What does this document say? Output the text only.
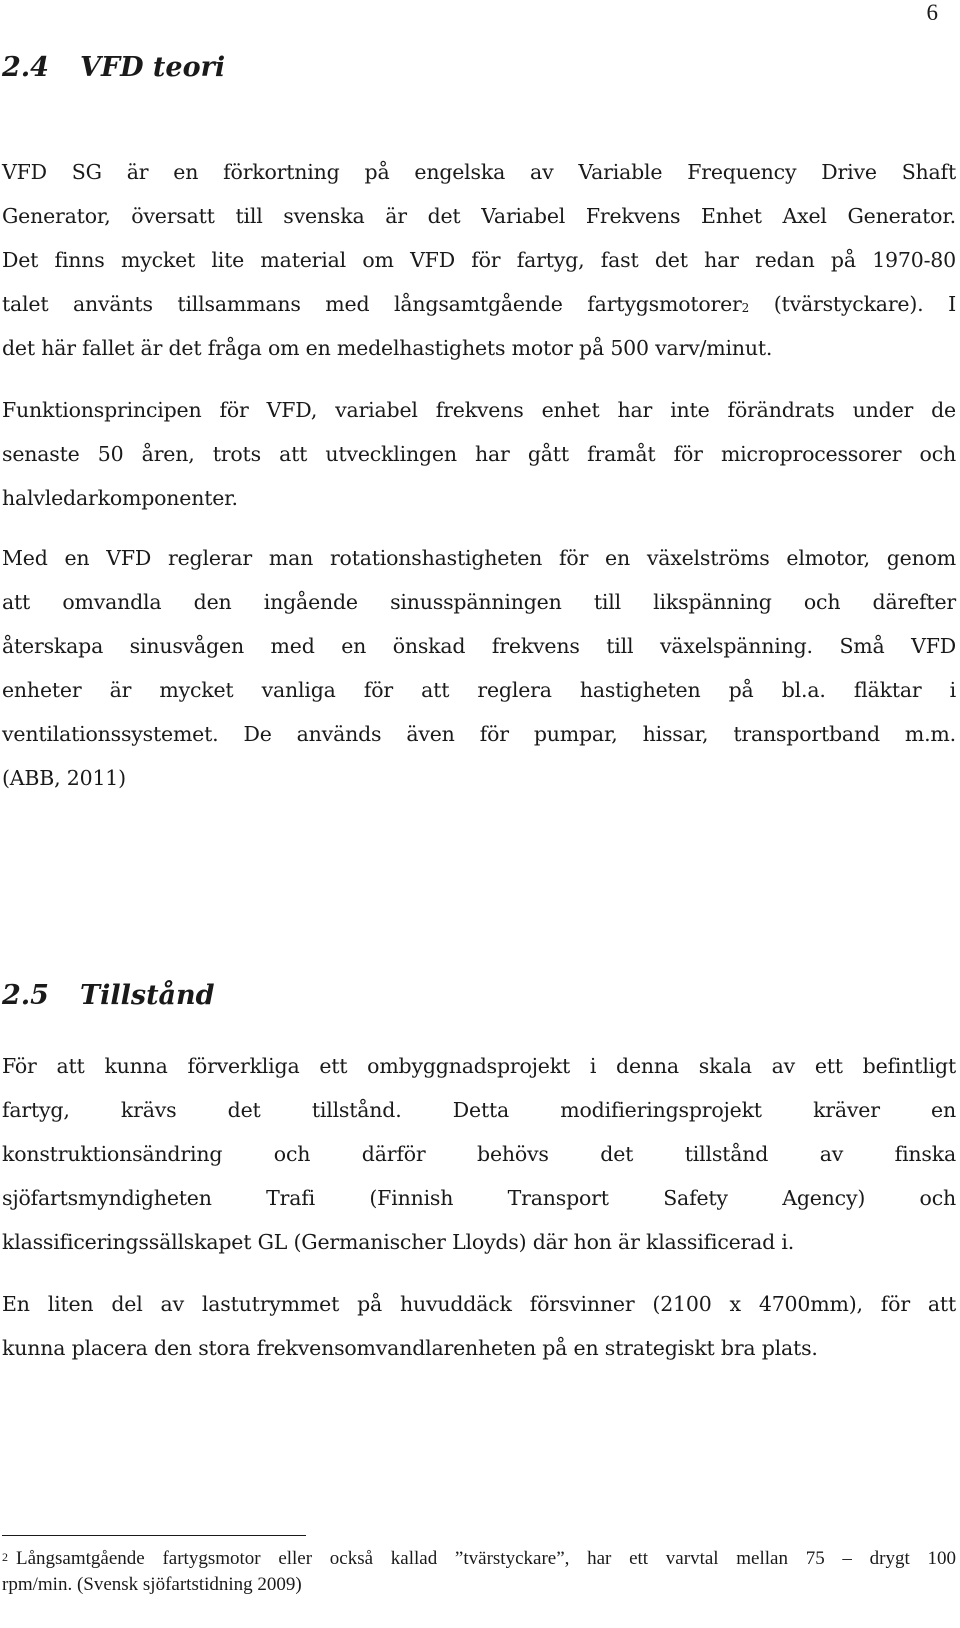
6
2.4 VFD teori

VFD SG är en förkortning på engelska av Variable Frequency Drive Shaft
Generator, översatt till svenska är det Variabel Frekvens Enhet Axel Generator.
Det finns mycket lite material om VFD för fartyg, fast det har redan på 1970-80
talet använts tillsammans med långsamtgående fartygsmotorer$^2$ (tvärstyckare). I
det här fallet är det fråga om en medelhastighets motor på 500 varv/minut.

Funktionsprincipen för VFD, variabel frekvens enhet har inte förändrats under de
senaste 50 åren, trots att utvecklingen har gått framåt för microprocessorer och
halvledarkomponenter.

Med en VFD reglerar man rotationshastigheten för en växelströms elmotor, genom
att omvandla den ingående sinusspänningen till likspänning och därefter
återskapa sinusvågen med en önskad frekvens till växelspänning. Små VFD
enheter är mycket vanliga för att reglera hastigheten på bl.a. fläktar i
ventilationssystemet. De används även för pumpar, hissar, transportband m.m.
(ABB, 2011)

2.5 Tillstånd

För att kunna förverkliga ett ombyggnadsprojekt i denna skala av ett befintligt
fartyg, krävs det tillstånd. Detta modifieringsprojekt kräver en
konstruktionsändring och därför behövs det tillstånd av finska
sjöfartsmyndigheten Trafi (Finnish Transport Safety Agency) och
klassificeringssällskapet GL (Germanischer Lloyds) där hon är klassificerad i.

En liten del av lastutrymmet på huvuddäck försvinner (2100 x 4700mm), för att
kunna placera den stora frekvensomvandlarenheten på en strategiskt bra plats.

$^2$ Långsamtgående fartygsmotor eller också kallad ”tvärstyckare”, har ett varvtal mellan 75 – drygt 100
rpm/min. (Svensk sjöfartstidning 2009)
